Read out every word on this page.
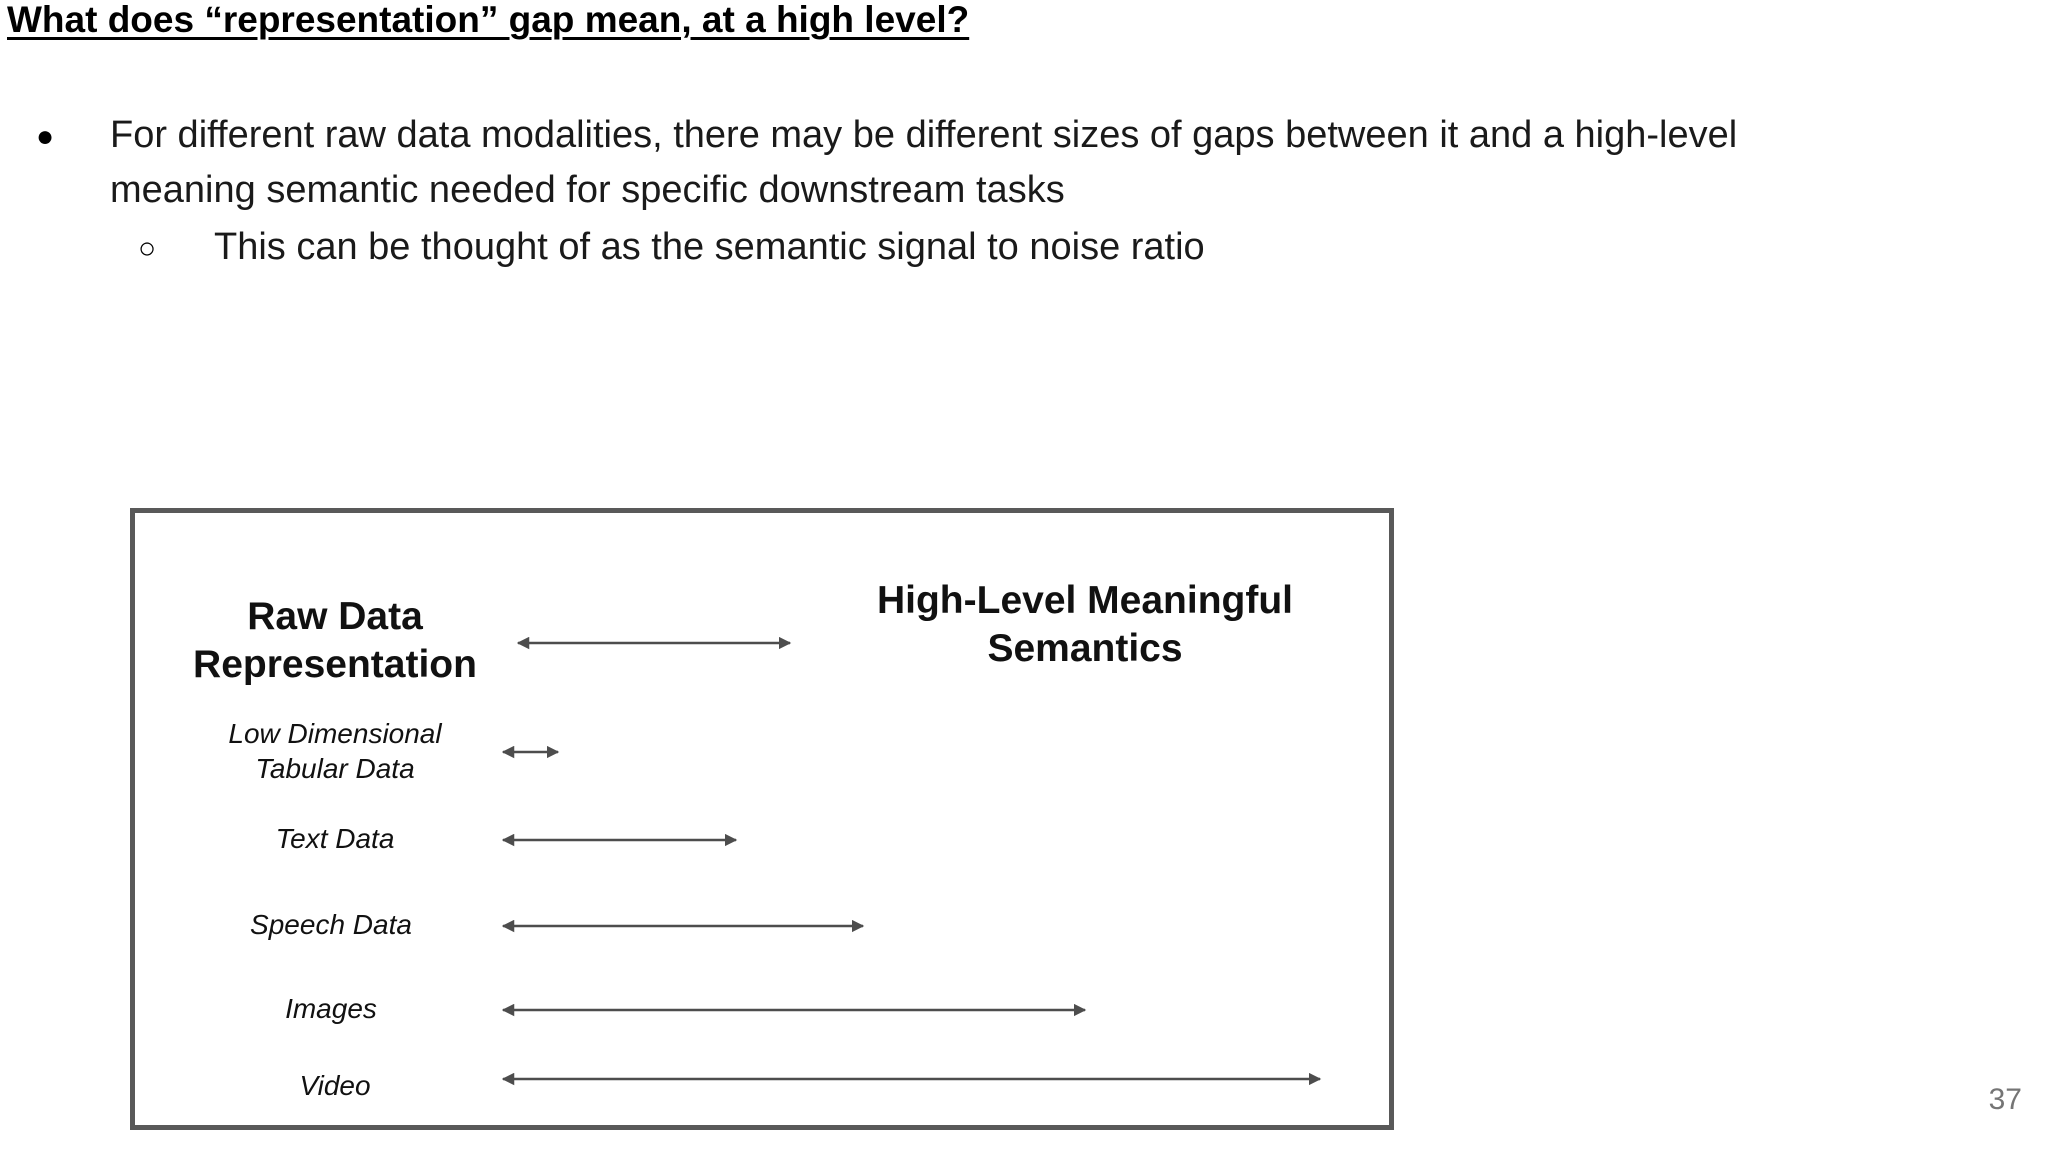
What does “representation” gap mean, at a high level?
● For different raw data modalities, there may be different sizes of gaps between it and a high-level
meaning semantic needed for specific downstream tasks
○ This can be thought of as the semantic signal to noise ratio
Raw Data
Representation
High-Level Meaningful
Semantics
Low Dimensional
Tabular Data
Text Data
Speech Data
Images
Video	37
